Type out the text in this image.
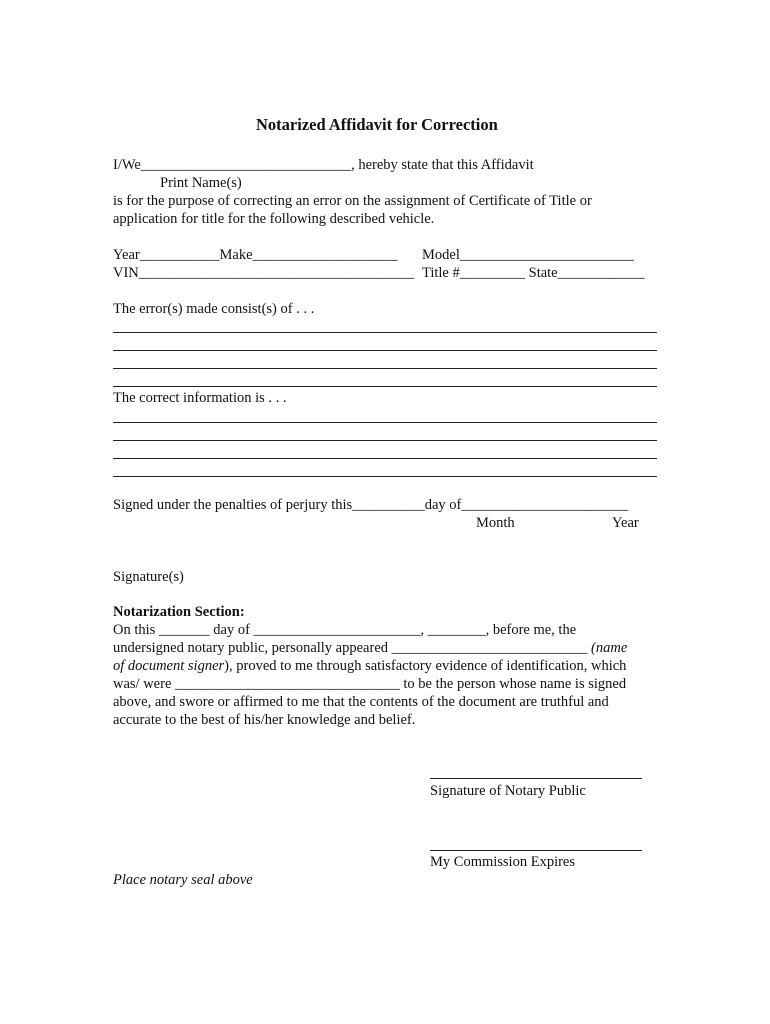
Notarized Affidavit for Correction
I/We_____________________________, hereby state that this Affidavit
Print Name(s)
is for the purpose of correcting an error on the assignment of Certificate of Title or
application for title for the following described vehicle.
Year___________Make____________________ Model________________________
VIN______________________________________ Title #_________ State____________
The error(s) made consist(s) of . . .
The correct information is . . .
Signed under the penalties of perjury this__________day of_______________________
Month	Year
Signature(s)
Notarization Section:
On this _______ day of _______________________, ________, before me, the
undersigned notary public, personally appeared ___________________________ (name
of document signer), proved to me through satisfactory evidence of identification, which
was/ were _______________________________ to be the person whose name is signed
above, and swore or affirmed to me that the contents of the document are truthful and
accurate to the best of his/her knowledge and belief.
Signature of Notary Public
My Commission Expires
Place notary seal above
